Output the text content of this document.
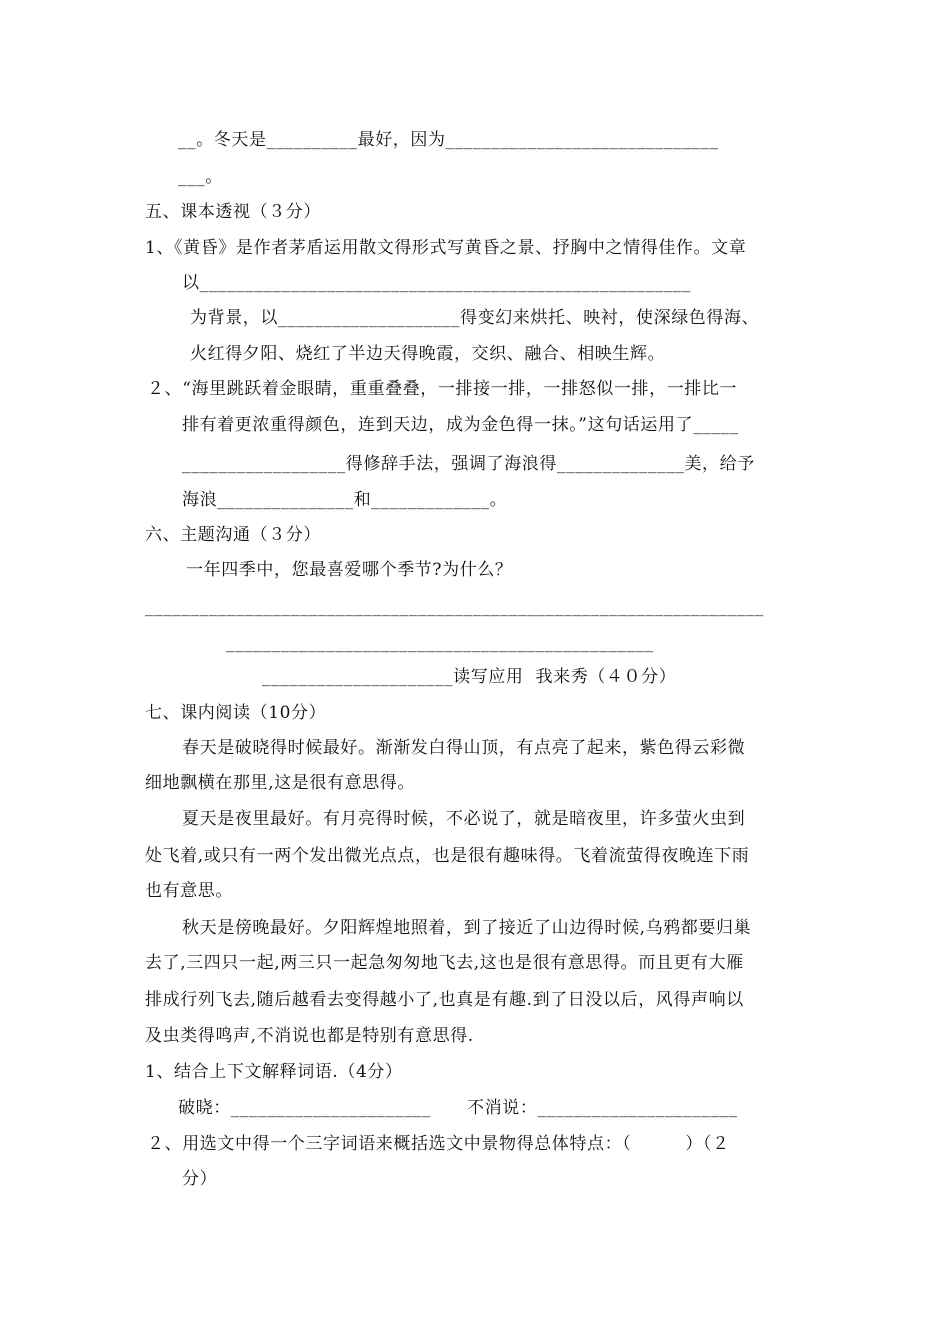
__。冬天是__________最好，因为______________________________
___。
五、课本透视（３分）
1、《黄昏》是作者茅盾运用散文得形式写黄昏之景、抒胸中之情得佳作。文章
以______________________________________________________
为背景，以____________________得变幻来烘托、映衬，使深绿色得海、
火红得夕阳、烧红了半边天得晚霞，交织、融合、相映生辉。
２、“海里跳跃着金眼睛，重重叠叠，一排接一排，一排怒似一排，一排比一
排有着更浓重得颜色，连到天边，成为金色得一抹。”这句话运用了_____
__________________得修辞手法，强调了海浪得______________美，给予
海浪_______________和_____________。
六、主题沟通（３分）
一年四季中，您最喜爱哪个季节?为什么？
____________________________________________________________________
_______________________________________________
_____________________读写应用  我来秀（４０分）
七、课内阅读（10分）
春天是破晓得时候最好。渐渐发白得山顶，有点亮了起来，紫色得云彩微
细地飘横在那里,这是很有意思得。
夏天是夜里最好。有月亮得时候，不必说了，就是暗夜里，许多萤火虫到
处飞着,或只有一两个发出微光点点，也是很有趣味得。飞着流萤得夜晚连下雨
也有意思。
秋天是傍晚最好。夕阳辉煌地照着，到了接近了山边得时候,乌鸦都要归巢
去了,三四只一起,两三只一起急匆匆地飞去,这也是很有意思得。而且更有大雁
排成行列飞去,随后越看去变得越小了,也真是有趣.到了日没以后，风得声响以
及虫类得鸣声,不消说也都是特别有意思得.
1、结合上下文解释词语.（4分）
破晓：______________________      不消说：______________________
２、用选文中得一个三字词语来概括选文中景物得总体特点：（         ）（２
分）
